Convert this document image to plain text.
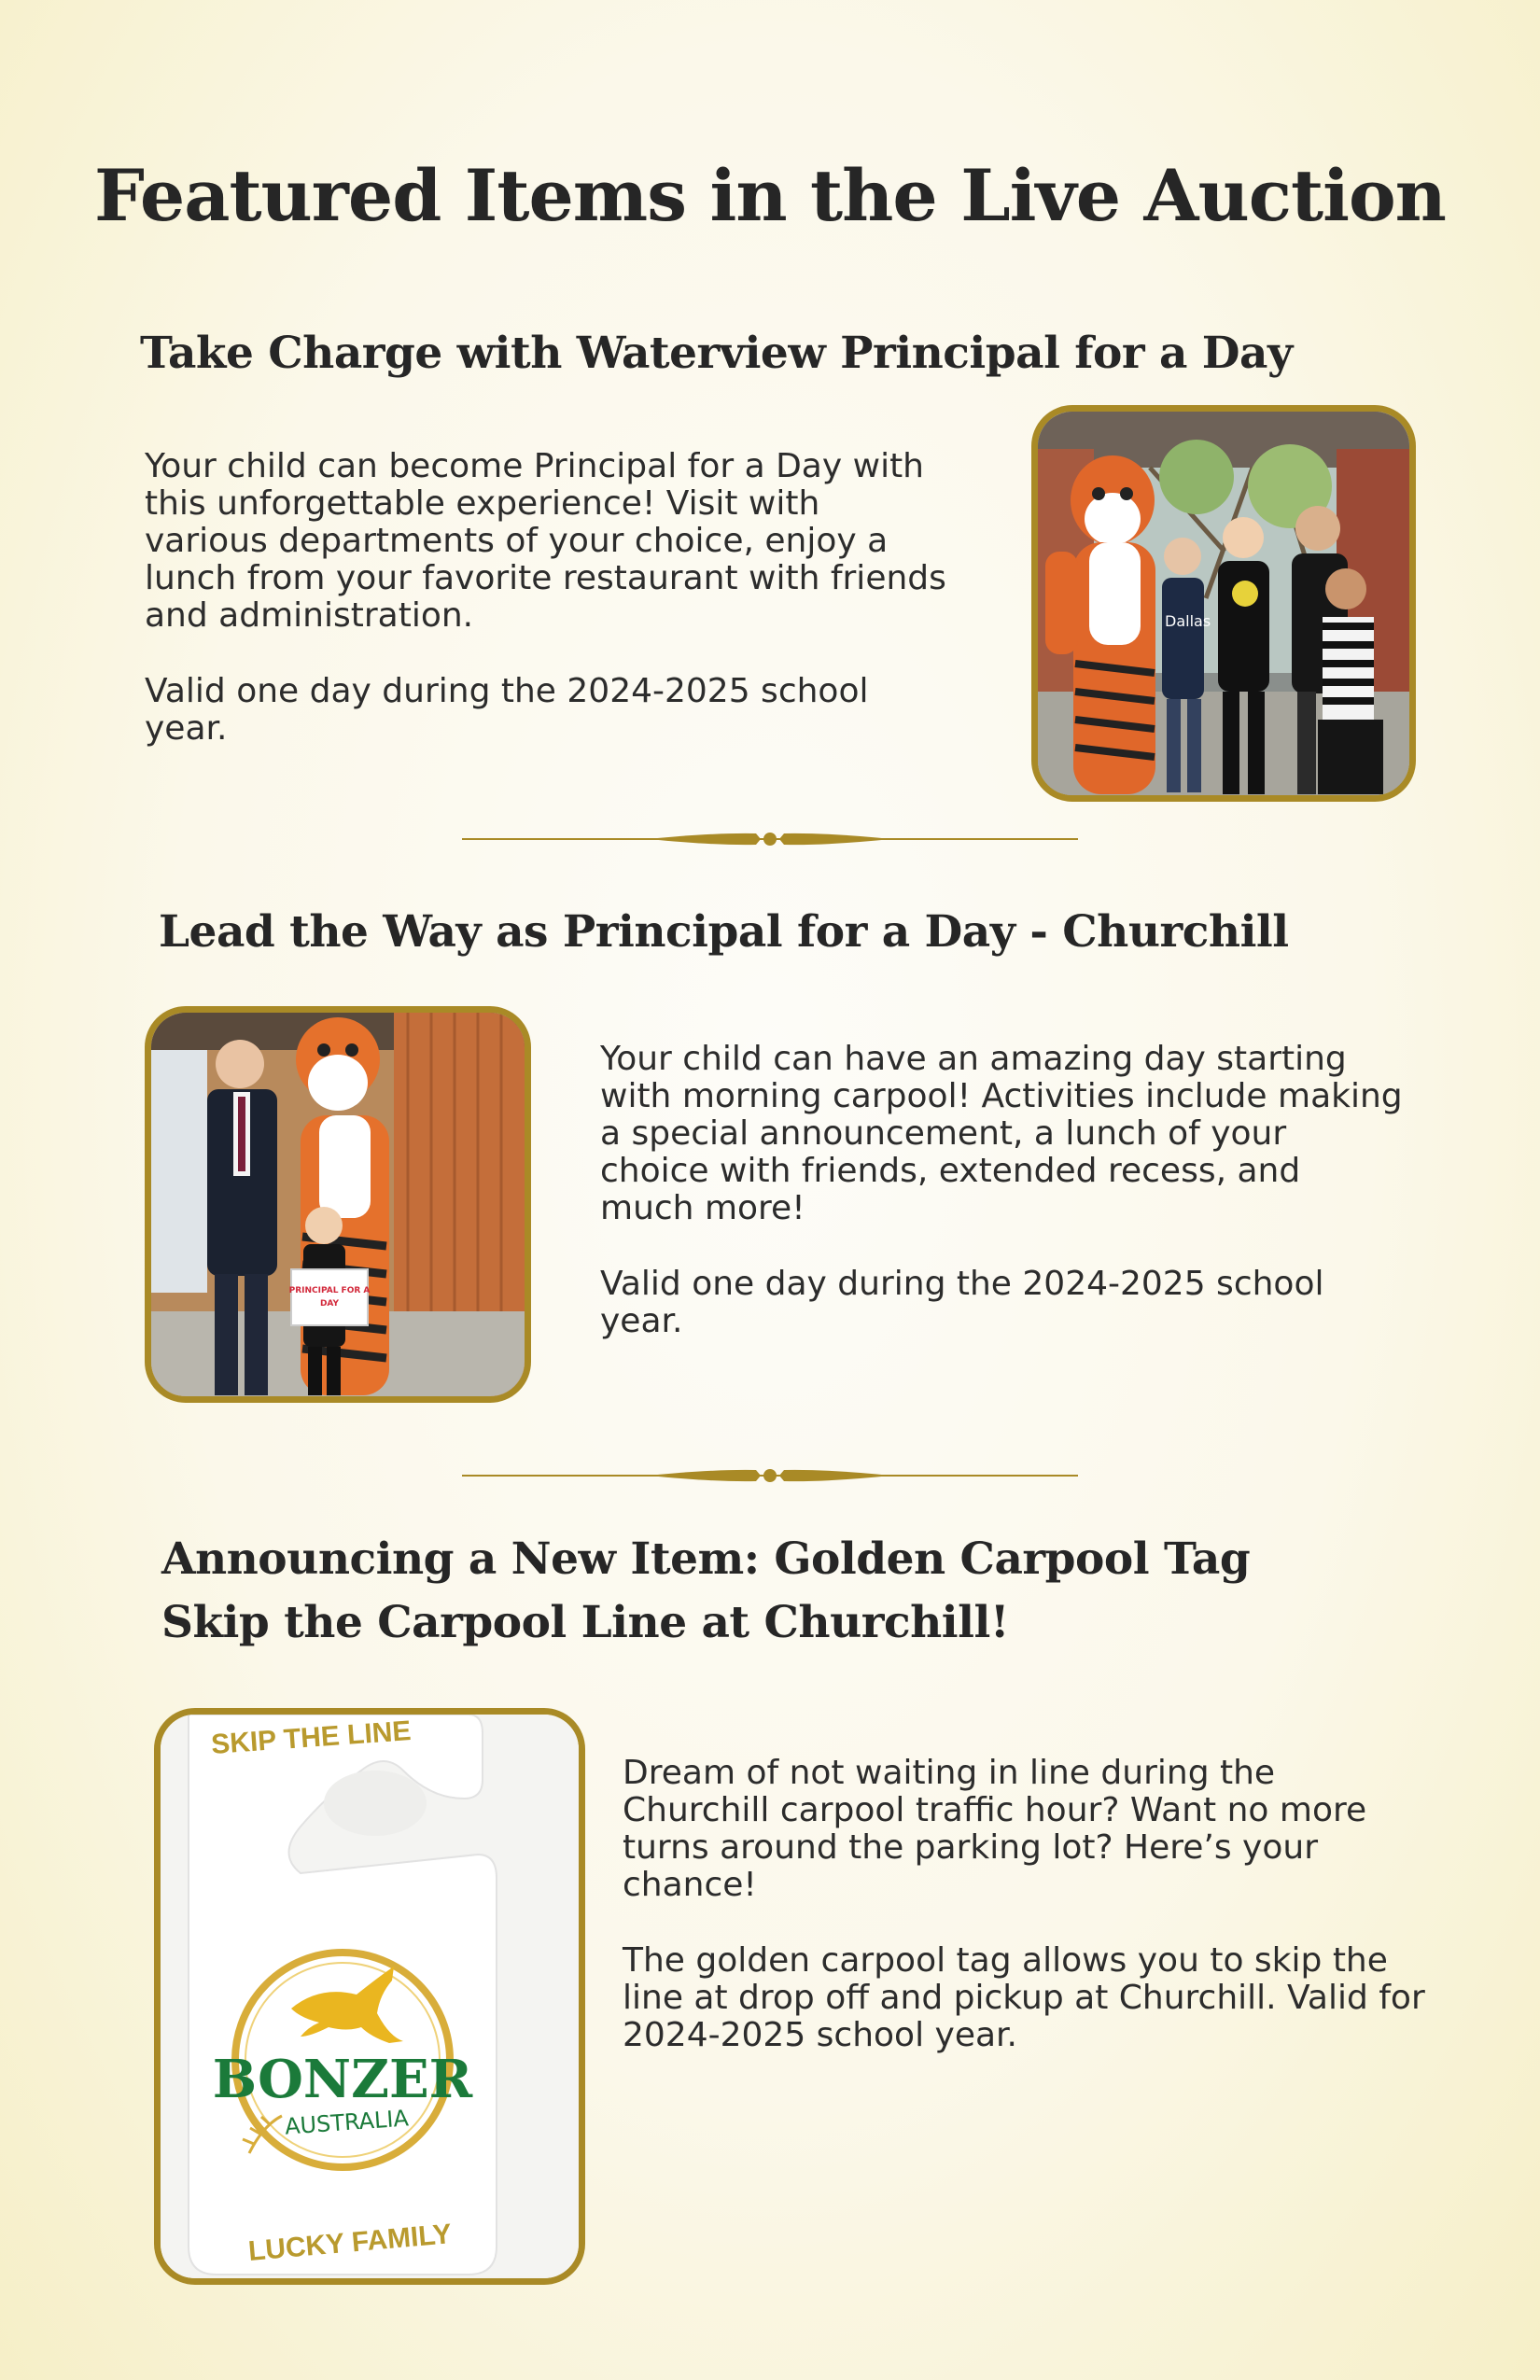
Featured Items in the Live Auction
Take Charge with Waterview Principal for a Day

Your child can become Principal for a Day with this unforgettable experience! Visit with various departments of your choice, enjoy a lunch from your favorite restaurant with friends and administration.

Valid one day during the 2024-2025 school year.

Dallas
Lead the Way as Principal for a Day - Churchill
PRINCIPAL FOR A
DAY

Your child can have an amazing day starting with morning carpool! Activities include making a special announcement, a lunch of your choice with friends, extended recess, and much more!

Valid one day during the 2024-2025 school year.

Announcing a New Item: Golden Carpool Tag
Skip the Carpool Line at Churchill!
SKIP THE LINE
BONZER
AUSTRALIA
LUCKY FAMILY

Dream of not waiting in line during the Churchill carpool traffic hour? Want no more turns around the parking lot? Here’s your chance!

The golden carpool tag allows you to skip the line at drop off and pickup at Churchill. Valid for 2024-2025 school year.
